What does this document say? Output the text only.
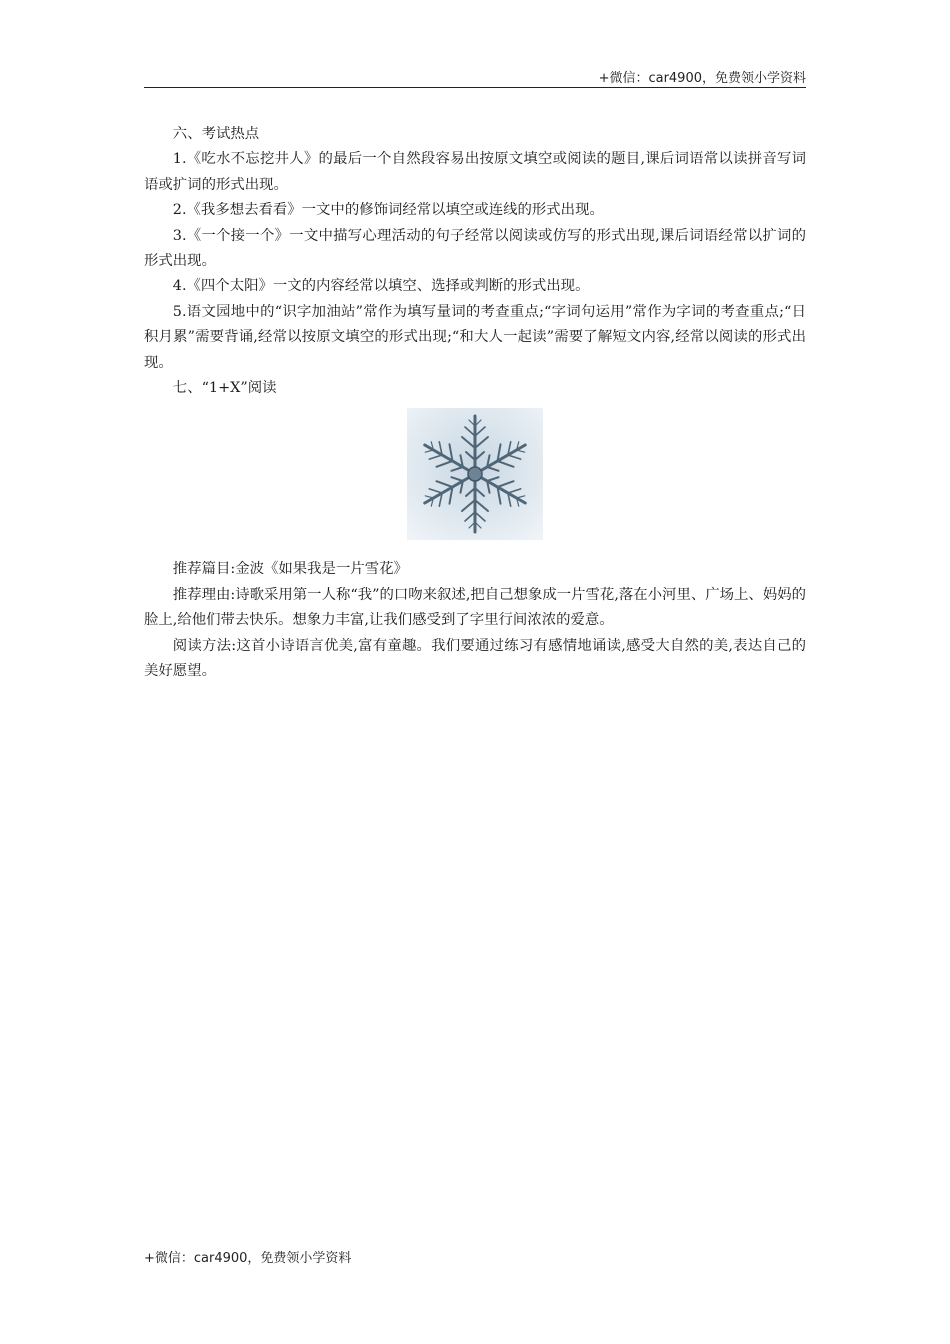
+微信：car4900，免费领小学资料

六、考试热点

1.《吃水不忘挖井人》的最后一个自然段容易出按原文填空或阅读的题目,课后词语常以读拼音写词语或扩词的形式出现。

2.《我多想去看看》一文中的修饰词经常以填空或连线的形式出现。

3.《一个接一个》一文中描写心理活动的句子经常以阅读或仿写的形式出现,课后词语经常以扩词的形式出现。

4.《四个太阳》一文的内容经常以填空、选择或判断的形式出现。

5.语文园地中的“识字加油站”常作为填写量词的考查重点;“字词句运用”常作为字词的考查重点;“日积月累”需要背诵,经常以按原文填空的形式出现;“和大人一起读”需要了解短文内容,经常以阅读的形式出现。

七、“1+X”阅读

推荐篇目:金波《如果我是一片雪花》

推荐理由:诗歌采用第一人称“我”的口吻来叙述,把自己想象成一片雪花,落在小河里、广场上、妈妈的脸上,给他们带去快乐。想象力丰富,让我们感受到了字里行间浓浓的爱意。

阅读方法:这首小诗语言优美,富有童趣。我们要通过练习有感情地诵读,感受大自然的美,表达自己的美好愿望。

+微信：car4900，免费领小学资料
